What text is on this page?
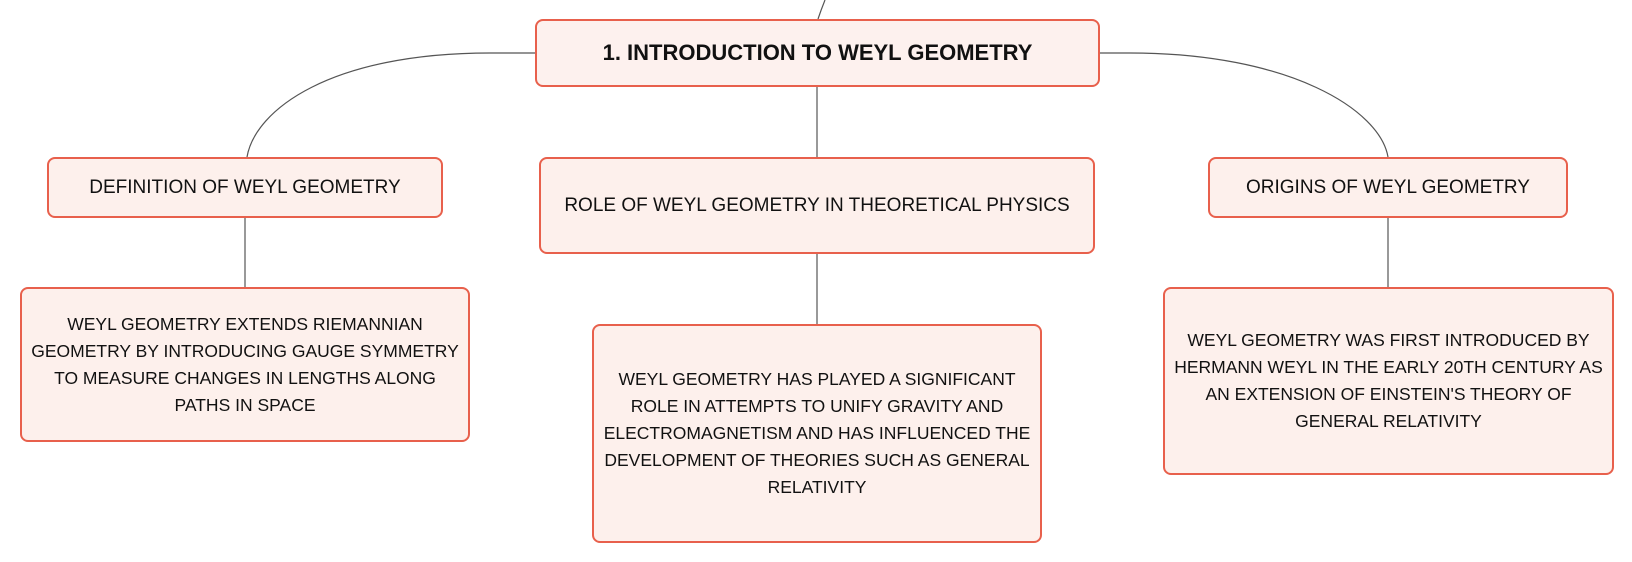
1. INTRODUCTION TO WEYL GEOMETRY
DEFINITION OF WEYL GEOMETRY
ROLE OF WEYL GEOMETRY IN THEORETICAL PHYSICS
ORIGINS OF WEYL GEOMETRY
WEYL GEOMETRY EXTENDS RIEMANNIAN GEOMETRY BY INTRODUCING GAUGE SYMMETRY TO MEASURE CHANGES IN LENGTHS ALONG PATHS IN SPACE
WEYL GEOMETRY HAS PLAYED A SIGNIFICANT ROLE IN ATTEMPTS TO UNIFY GRAVITY AND ELECTROMAGNETISM AND HAS INFLUENCED THE DEVELOPMENT OF THEORIES SUCH AS GENERAL RELATIVITY
WEYL GEOMETRY WAS FIRST INTRODUCED BY HERMANN WEYL IN THE EARLY 20TH CENTURY AS AN EXTENSION OF EINSTEIN'S THEORY OF GENERAL RELATIVITY
